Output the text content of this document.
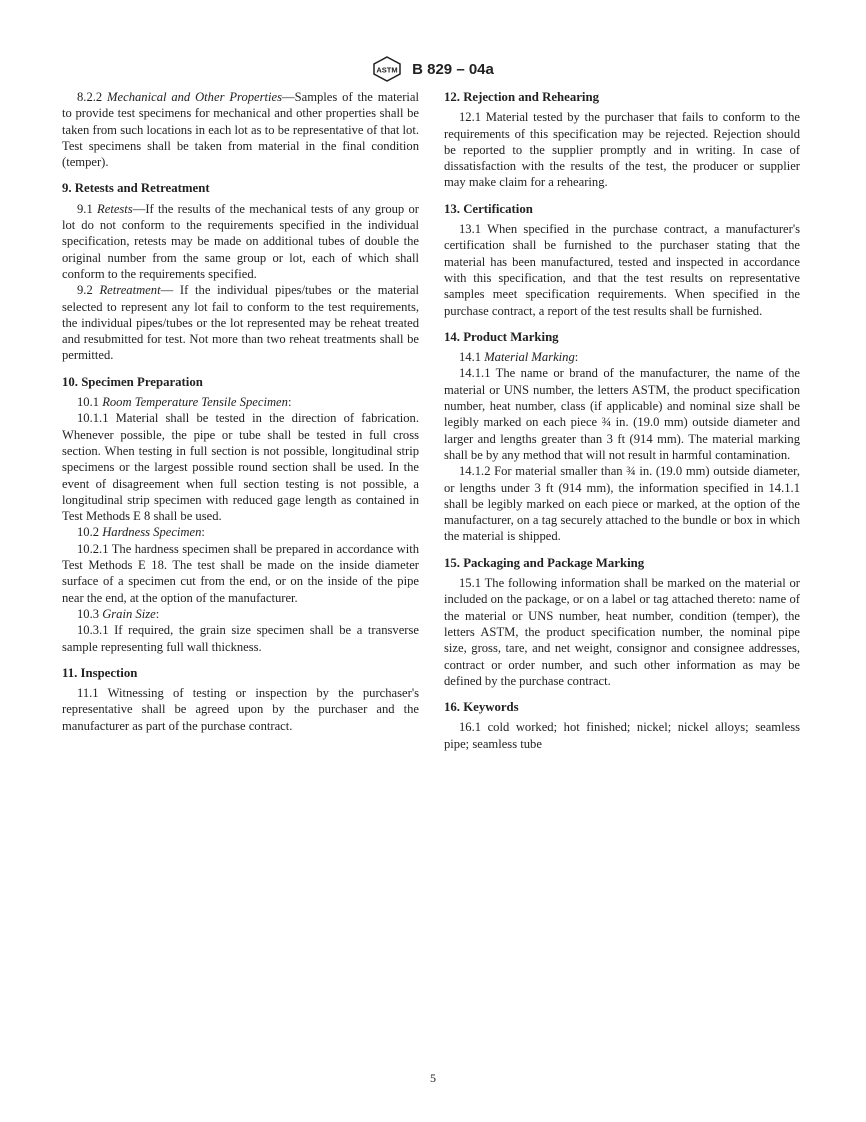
ASTM B 829 – 04a

8.2.2 Mechanical and Other Properties—Samples of the material to provide test specimens for mechanical and other properties shall be taken from such locations in each lot as to be representative of that lot. Test specimens shall be taken from material in the final condition (temper).

9. Retests and Retreatment

9.1 Retests—If the results of the mechanical tests of any group or lot do not conform to the requirements specified in the individual specification, retests may be made on additional tubes of double the original number from the same group or lot, each of which shall conform to the requirements specified.

9.2 Retreatment— If the individual pipes/tubes or the material selected to represent any lot fail to conform to the test requirements, the individual pipes/tubes or the lot represented may be reheat treated and resubmitted for test. Not more than two reheat treatments shall be permitted.

10. Specimen Preparation

10.1 Room Temperature Tensile Specimen:

10.1.1 Material shall be tested in the direction of fabrication. Whenever possible, the pipe or tube shall be tested in full cross section. When testing in full section is not possible, longitudinal strip specimens or the largest possible round section shall be used. In the event of disagreement when full section testing is not possible, a longitudinal strip specimen with reduced gage length as contained in Test Methods E 8 shall be used.

10.2 Hardness Specimen:

10.2.1 The hardness specimen shall be prepared in accordance with Test Methods E 18. The test shall be made on the inside diameter surface of a specimen cut from the end, or on the inside of the pipe near the end, at the option of the manufacturer.

10.3 Grain Size:

10.3.1 If required, the grain size specimen shall be a transverse sample representing full wall thickness.

11. Inspection

11.1 Witnessing of testing or inspection by the purchaser's representative shall be agreed upon by the purchaser and the manufacturer as part of the purchase contract.

12. Rejection and Rehearing

12.1 Material tested by the purchaser that fails to conform to the requirements of this specification may be rejected. Rejection should be reported to the supplier promptly and in writing. In case of dissatisfaction with the results of the test, the producer or supplier may make claim for a rehearing.

13. Certification

13.1 When specified in the purchase contract, a manufacturer's certification shall be furnished to the purchaser stating that the material has been manufactured, tested and inspected in accordance with this specification, and that the test results on representative samples meet specification requirements. When specified in the purchase contract, a report of the test results shall be furnished.

14. Product Marking

14.1 Material Marking:

14.1.1 The name or brand of the manufacturer, the name of the material or UNS number, the letters ASTM, the product specification number, heat number, class (if applicable) and nominal size shall be legibly marked on each piece ¾ in. (19.0 mm) outside diameter and larger and lengths greater than 3 ft (914 mm). The material marking shall be by any method that will not result in harmful contamination.

14.1.2 For material smaller than ¾ in. (19.0 mm) outside diameter, or lengths under 3 ft (914 mm), the information specified in 14.1.1 shall be legibly marked on each piece or marked, at the option of the manufacturer, on a tag securely attached to the bundle or box in which the material is shipped.

15. Packaging and Package Marking

15.1 The following information shall be marked on the material or included on the package, or on a label or tag attached thereto: name of the material or UNS number, heat number, condition (temper), the letters ASTM, the product specification number, the nominal pipe size, gross, tare, and net weight, consignor and consignee addresses, contract or order number, and such other information as may be defined by the purchase contract.

16. Keywords

16.1 cold worked; hot finished; nickel; nickel alloys; seamless pipe; seamless tube

5
